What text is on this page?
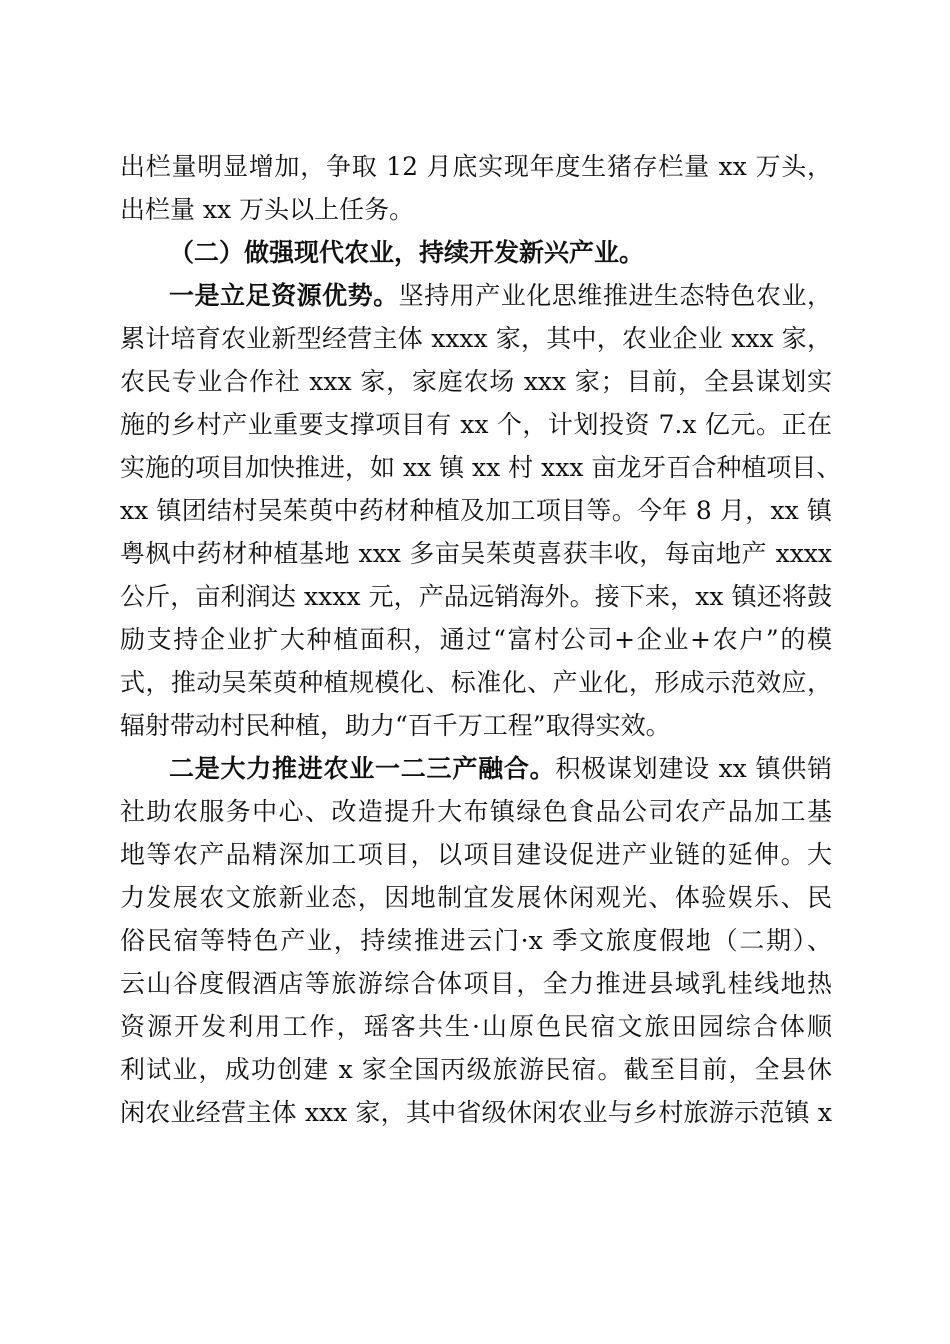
出栏量明显增加，争取 12 月底实现年度生猪存栏量 xx 万头，
出栏量 xx 万头以上任务。
（二）做强现代农业，持续开发新兴产业。
一是立足资源优势。坚持用产业化思维推进生态特色农业，
累计培育农业新型经营主体 xxxx 家，其中，农业企业 xxx 家，
农民专业合作社 xxx 家，家庭农场 xxx 家；目前，全县谋划实
施的乡村产业重要支撑项目有 xx 个，计划投资 7.x 亿元。正在
实施的项目加快推进，如 xx 镇 xx 村 xxx 亩龙牙百合种植项目、
xx 镇团结村吴茱萸中药材种植及加工项目等。今年 8 月，xx 镇
粤枫中药材种植基地 xxx 多亩吴茱萸喜获丰收，每亩地产 xxxx
公斤，亩利润达 xxxx 元，产品远销海外。接下来，xx 镇还将鼓
励支持企业扩大种植面积，通过“富村公司+企业+农户”的模
式，推动吴茱萸种植规模化、标准化、产业化，形成示范效应，
辐射带动村民种植，助力“百千万工程”取得实效。
二是大力推进农业一二三产融合。积极谋划建设 xx 镇供销
社助农服务中心、改造提升大布镇绿色食品公司农产品加工基
地等农产品精深加工项目，以项目建设促进产业链的延伸。大
力发展农文旅新业态，因地制宜发展休闲观光、体验娱乐、民
俗民宿等特色产业，持续推进云门·x 季文旅度假地（二期）、
云山谷度假酒店等旅游综合体项目，全力推进县域乳桂线地热
资源开发利用工作，瑶客共生·山原色民宿文旅田园综合体顺
利试业，成功创建 x 家全国丙级旅游民宿。截至目前，全县休
闲农业经营主体 xxx 家，其中省级休闲农业与乡村旅游示范镇 x
